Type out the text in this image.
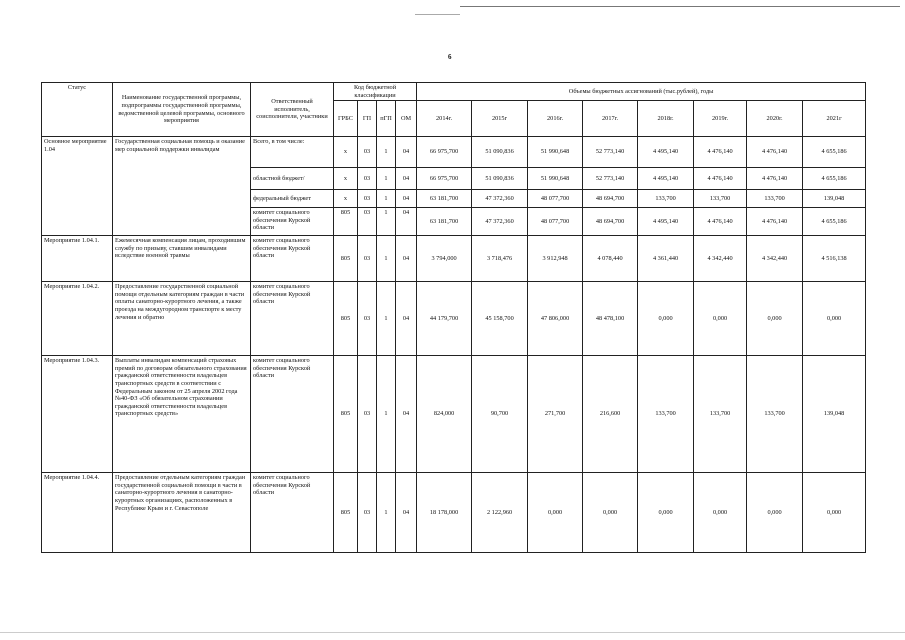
6
Статус	Наименование государственной программы, подпрограммы государственной программы, ведомственной целевой программы, основного мероприятия	Ответственный исполнитель, соисполнители, участники	Код бюджетной классификации				Объемы бюджетных ассигнований (тыс.рублей), годы							
			ГРБС	ГП	пГП	ОМ	2014г.	2015г	2016г.	2017г.	2018г.	2019г.	2020г.	2021г
Основное мероприятие 1.04	Государственная социальная помощь и оказание мер социальной поддержки инвалидам	Всего, в том числе:	x	03	1	04	66 975,700	51 090,836	51 990,648	52 773,140	4 495,140	4 476,140	4 476,140	4 655,186
		областной бюджет/	x	03	1	04	66 975,700	51 090,836	51 990,648	52 773,140	4 495,140	4 476,140	4 476,140	4 655,186
		федеральный бюджет	x	03	1	04	63 181,700	47 372,360	48 077,700	48 694,700	133,700	133,700	133,700	139,048
		комитет социального обеспечения Курской области	805	03	1	04	63 181,700	47 372,360	48 077,700	48 694,700	4 495,140	4 476,140	4 476,140	4 655,186
Мероприятие 1.04.1.	Ежемесячная компенсация лицам, проходившим службу по призыву, ставшим инвалидами вследствие военной травмы	комитет социального обеспечения Курской области	805	03	1	04	3 794,000	3 718,476	3 912,948	4 078,440	4 361,440	4 342,440	4 342,440	4 516,138
Мероприятие 1.04.2.	Предоставление государственной социальной помощи отдельным категориям граждан в части оплаты санаторно-курортного лечения, а также проезда на междугородном транспорте к месту лечения и обратно	комитет социального обеспечения Курской области	805	03	1	04	44 179,700	45 158,700	47 806,000	48 478,100	0,000	0,000	0,000	0,000
Мероприятие 1.04.3.	Выплаты инвалидам компенсаций страховых премий по договорам обязательного страхования гражданской ответственности владельцев транспортных средств в соответствии с Федеральным законом от 25 апреля 2002 года №40-ФЗ «Об обязательном страховании гражданской ответственности владельцев транспортных средств»	комитет социального обеспечения Курской области	805	03	1	04	824,000	90,700	271,700	216,600	133,700	133,700	133,700	139,048
Мероприятие 1.04.4.	Предоставление отдельным категориям граждан государственной социальной помощи в части в санаторно-курортного лечения в санаторно-курортных организациях, расположенных в Республике Крым и г. Севастополе	комитет социального обеспечения Курской области	805	03	1	04	18 178,000	2 122,960	0,000	0,000	0,000	0,000	0,000	0,000
